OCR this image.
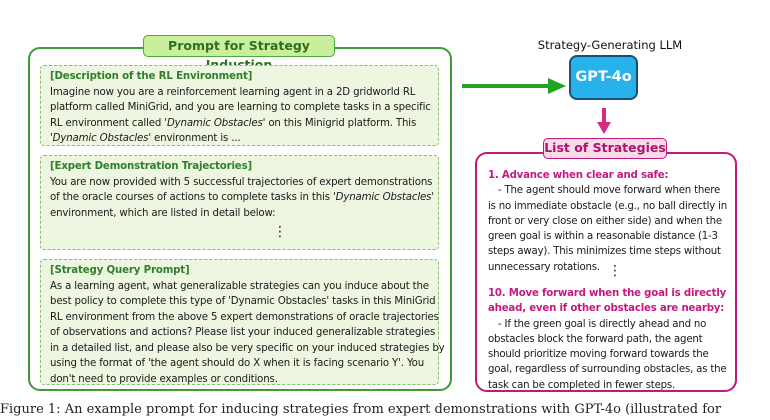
Prompt for Strategy
[Description of the RL Environment]
Imagine now you are a reinforcement learning agent in a 2D gridworld RL
platform called MiniGrid, and you are learning to complete tasks in a specific
RL environment called 'Dynamic Obstacles' on this Minigrid platform. This
'Dynamic Obstacles' environment is ...
[Expert Demonstration Trajectories]
You are now provided with 5 successful trajectories of expert demonstrations
of the oracle courses of actions to complete tasks in this 'Dynamic Obstacles'
environment, which are listed in detail below:
⋮
[Strategy Query Prompt]
As a learning agent, what generalizable strategies can you induce about the
best policy to complete this type of 'Dynamic Obstacles' tasks in this MiniGrid
RL environment from the above 5 expert demonstrations of oracle trajectories
of observations and actions? Please list your induced generalizable strategies
in a detailed list, and please also be very specific on your induced strategies by
using the format of 'the agent should do X when it is facing scenario Y'. You
don't need to provide examples or conditions.
Strategy-Generating LLM
GPT-4o
List of Strategies
1. Advance when clear and safe:
- The agent should move forward when there
is no immediate obstacle (e.g., no ball directly in
front or very close on either side) and when the
green goal is within a reasonable distance (1-3
steps away). This minimizes time steps without
unnecessary rotations. ⋮
10. Move forward when the goal is directly
ahead, even if other obstacles are nearby:
- If the green goal is directly ahead and no
obstacles block the forward path, the agent
should prioritize moving forward towards the
goal, regardless of surrounding obstacles, as the
task can be completed in fewer steps.
Figure 1: An example prompt for inducing strategies from expert demonstrations with GPT-4o (illustrated for
